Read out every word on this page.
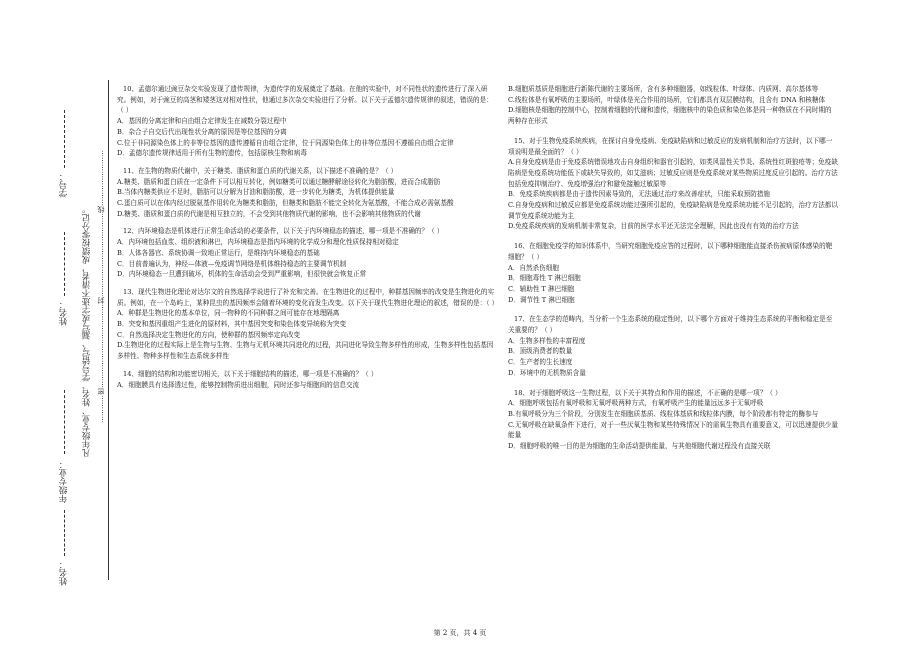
学号：
姓名：
年级专业：
姓名：
凡年级专业、姓名、学号错写、漏写或字迹不清者，成绩按零分记。 …………密………………………………封………………………………线……………………

10、孟德尔通过豌豆杂交实验发现了遗传规律，为遗传学的发展奠定了基础。在他的实验中，对不同性状的遗传进行了深入研究。例如，对于豌豆的高茎和矮茎这对相对性状，他通过多次杂交实验进行了分析。以下关于孟德尔遗传规律的叙述，错误的是：（ ）

A．基因的分离定律和自由组合定律发生在减数分裂过程中
B．杂合子自交后代出现性状分离的原因是等位基因的分离
C.位于非同源染色体上的非等位基因的遗传遵循自由组合定律，位于同源染色体上的非等位基因不遵循自由组合定律
D．孟德尔遗传规律适用于所有生物的遗传，包括原核生物和病毒

11、在生物的物质代谢中，关于糖类、脂质和蛋白质的代谢关系，以下描述不准确的是？（ ）

A.糖类、脂质和蛋白质在一定条件下可以相互转化，例如糖类可以通过糖酵解途径转化为脂肪酸，进而合成脂肪
B.当体内糖类供应不足时，脂肪可以分解为甘油和脂肪酸，进一步转化为糖类，为机体提供能量
C.蛋白质可以在体内经过脱氨基作用转化为糖类和脂肪，但糖类和脂肪不能完全转化为氨基酸，不能合成必需氨基酸
D.糖类、脂质和蛋白质的代谢是相互独立的，不会受到其他物质代谢的影响，也不会影响其他物质的代谢

12、内环境稳态是机体进行正常生命活动的必要条件，以下关于内环境稳态的描述，哪一项是不准确的？（ ）

A．内环境包括血浆、组织液和淋巴，内环境稳态是指内环境的化学成分和理化性质保持相对稳定
B．人体各器官、系统协调一致地正常运行，是维持内环境稳态的基础
C．目前普遍认为，神经—体液—免疫调节网络是机体维持稳态的主要调节机制
D．内环境稳态一旦遭到破坏，机体的生命活动会受到严重影响，但很快就会恢复正常

13、现代生物进化理论对达尔文的自然选择学说进行了补充和完善。在生物进化的过程中，种群基因频率的改变是生物进化的实质。例如，在一个岛屿上，某种昆虫的基因频率会随着环境的变化而发生改变。以下关于现代生物进化理论的叙述，错误的是：（ ）

A．种群是生物进化的基本单位，同一物种的不同种群之间可能存在地理隔离
B．突变和基因重组产生进化的原材料，其中基因突变和染色体变异统称为突变
C．自然选择决定生物进化的方向，使种群的基因频率定向改变
D.生物进化的过程实际上是生物与生物、生物与无机环境共同进化的过程，共同进化导致生物多样性的形成，生物多样性包括基因多样性、物种多样性和生态系统多样性

14、细胞的结构和功能密切相关，以下关于细胞结构的描述，哪一项是不准确的？（ ）

A．细胞膜具有选择透过性，能够控制物质进出细胞，同时还参与细胞间的信息交流
B.细胞质基质是细胞进行新陈代谢的主要场所，含有多种细胞器，如线粒体、叶绿体、内质网、高尔基体等
C.线粒体是有氧呼吸的主要场所，叶绿体是光合作用的场所，它们都具有双层膜结构，且含有 DNA 和核糖体
D.细胞核是细胞的控制中心，控制着细胞的代谢和遗传，细胞核中的染色质和染色体是同一种物质在不同时期的两种存在形式

15、对于生物免疫系统疾病，在探讨自身免疫病、免疫缺陷病和过敏反应的发病机制和治疗方法时，以下哪一项说明是最全面的？（ ）

A.自身免疫病是由于免疫系统错误地攻击自身组织和器官引起的，如类风湿性关节炎、系统性红斑狼疮等；免疫缺陷病是免疫系统功能低下或缺失导致的，如艾滋病；过敏反应则是免疫系统对某些物质过度反应引起的。治疗方法包括免疫抑制治疗、免疫增强治疗和避免接触过敏原等
B．免疫系统疾病都是由于遗传因素导致的，无法通过治疗来改善症状，只能采取预防措施
C.自身免疫病和过敏反应都是免疫系统功能过强所引起的，免疫缺陷病是免疫系统功能不足引起的，治疗方法都以调节免疫系统功能为主
D.免疫系统疾病的发病机制非常复杂，目前的医学水平还无法完全理解，因此也没有有效的治疗方法

16、在细胞免疫学的知识体系中，当研究细胞免疫应答的过程时，以下哪种细胞能直接杀伤被病原体感染的靶细胞？（ ）

A．自然杀伤细胞
B．细胞毒性 T 淋巴细胞
C．辅助性 T 淋巴细胞
D．调节性 T 淋巴细胞

17、在生态学的范畴内，当分析一个生态系统的稳定性时，以下哪个方面对于维持生态系统的平衡和稳定是至关重要的？（ ）

A．生物多样性的丰富程度
B．顶级消费者的数量
C．生产者的生长速度
D．环境中的无机物质含量

18、对于细胞呼吸这一生物过程，以下关于其特点和作用的描述，不正确的是哪一项？（ ）

A．细胞呼吸包括有氧呼吸和无氧呼吸两种方式，有氧呼吸产生的能量远远多于无氧呼吸
B.有氧呼吸分为三个阶段，分别发生在细胞质基质、线粒体基质和线粒体内膜，每个阶段都有特定的酶参与
C.无氧呼吸在缺氧条件下进行，对于一些厌氧生物和某些特殊情况下的需氧生物具有重要意义，可以迅速提供少量能量
D．细胞呼吸的唯一目的是为细胞的生命活动提供能量，与其他细胞代谢过程没有直接关联
第 2 页，共 4 页
